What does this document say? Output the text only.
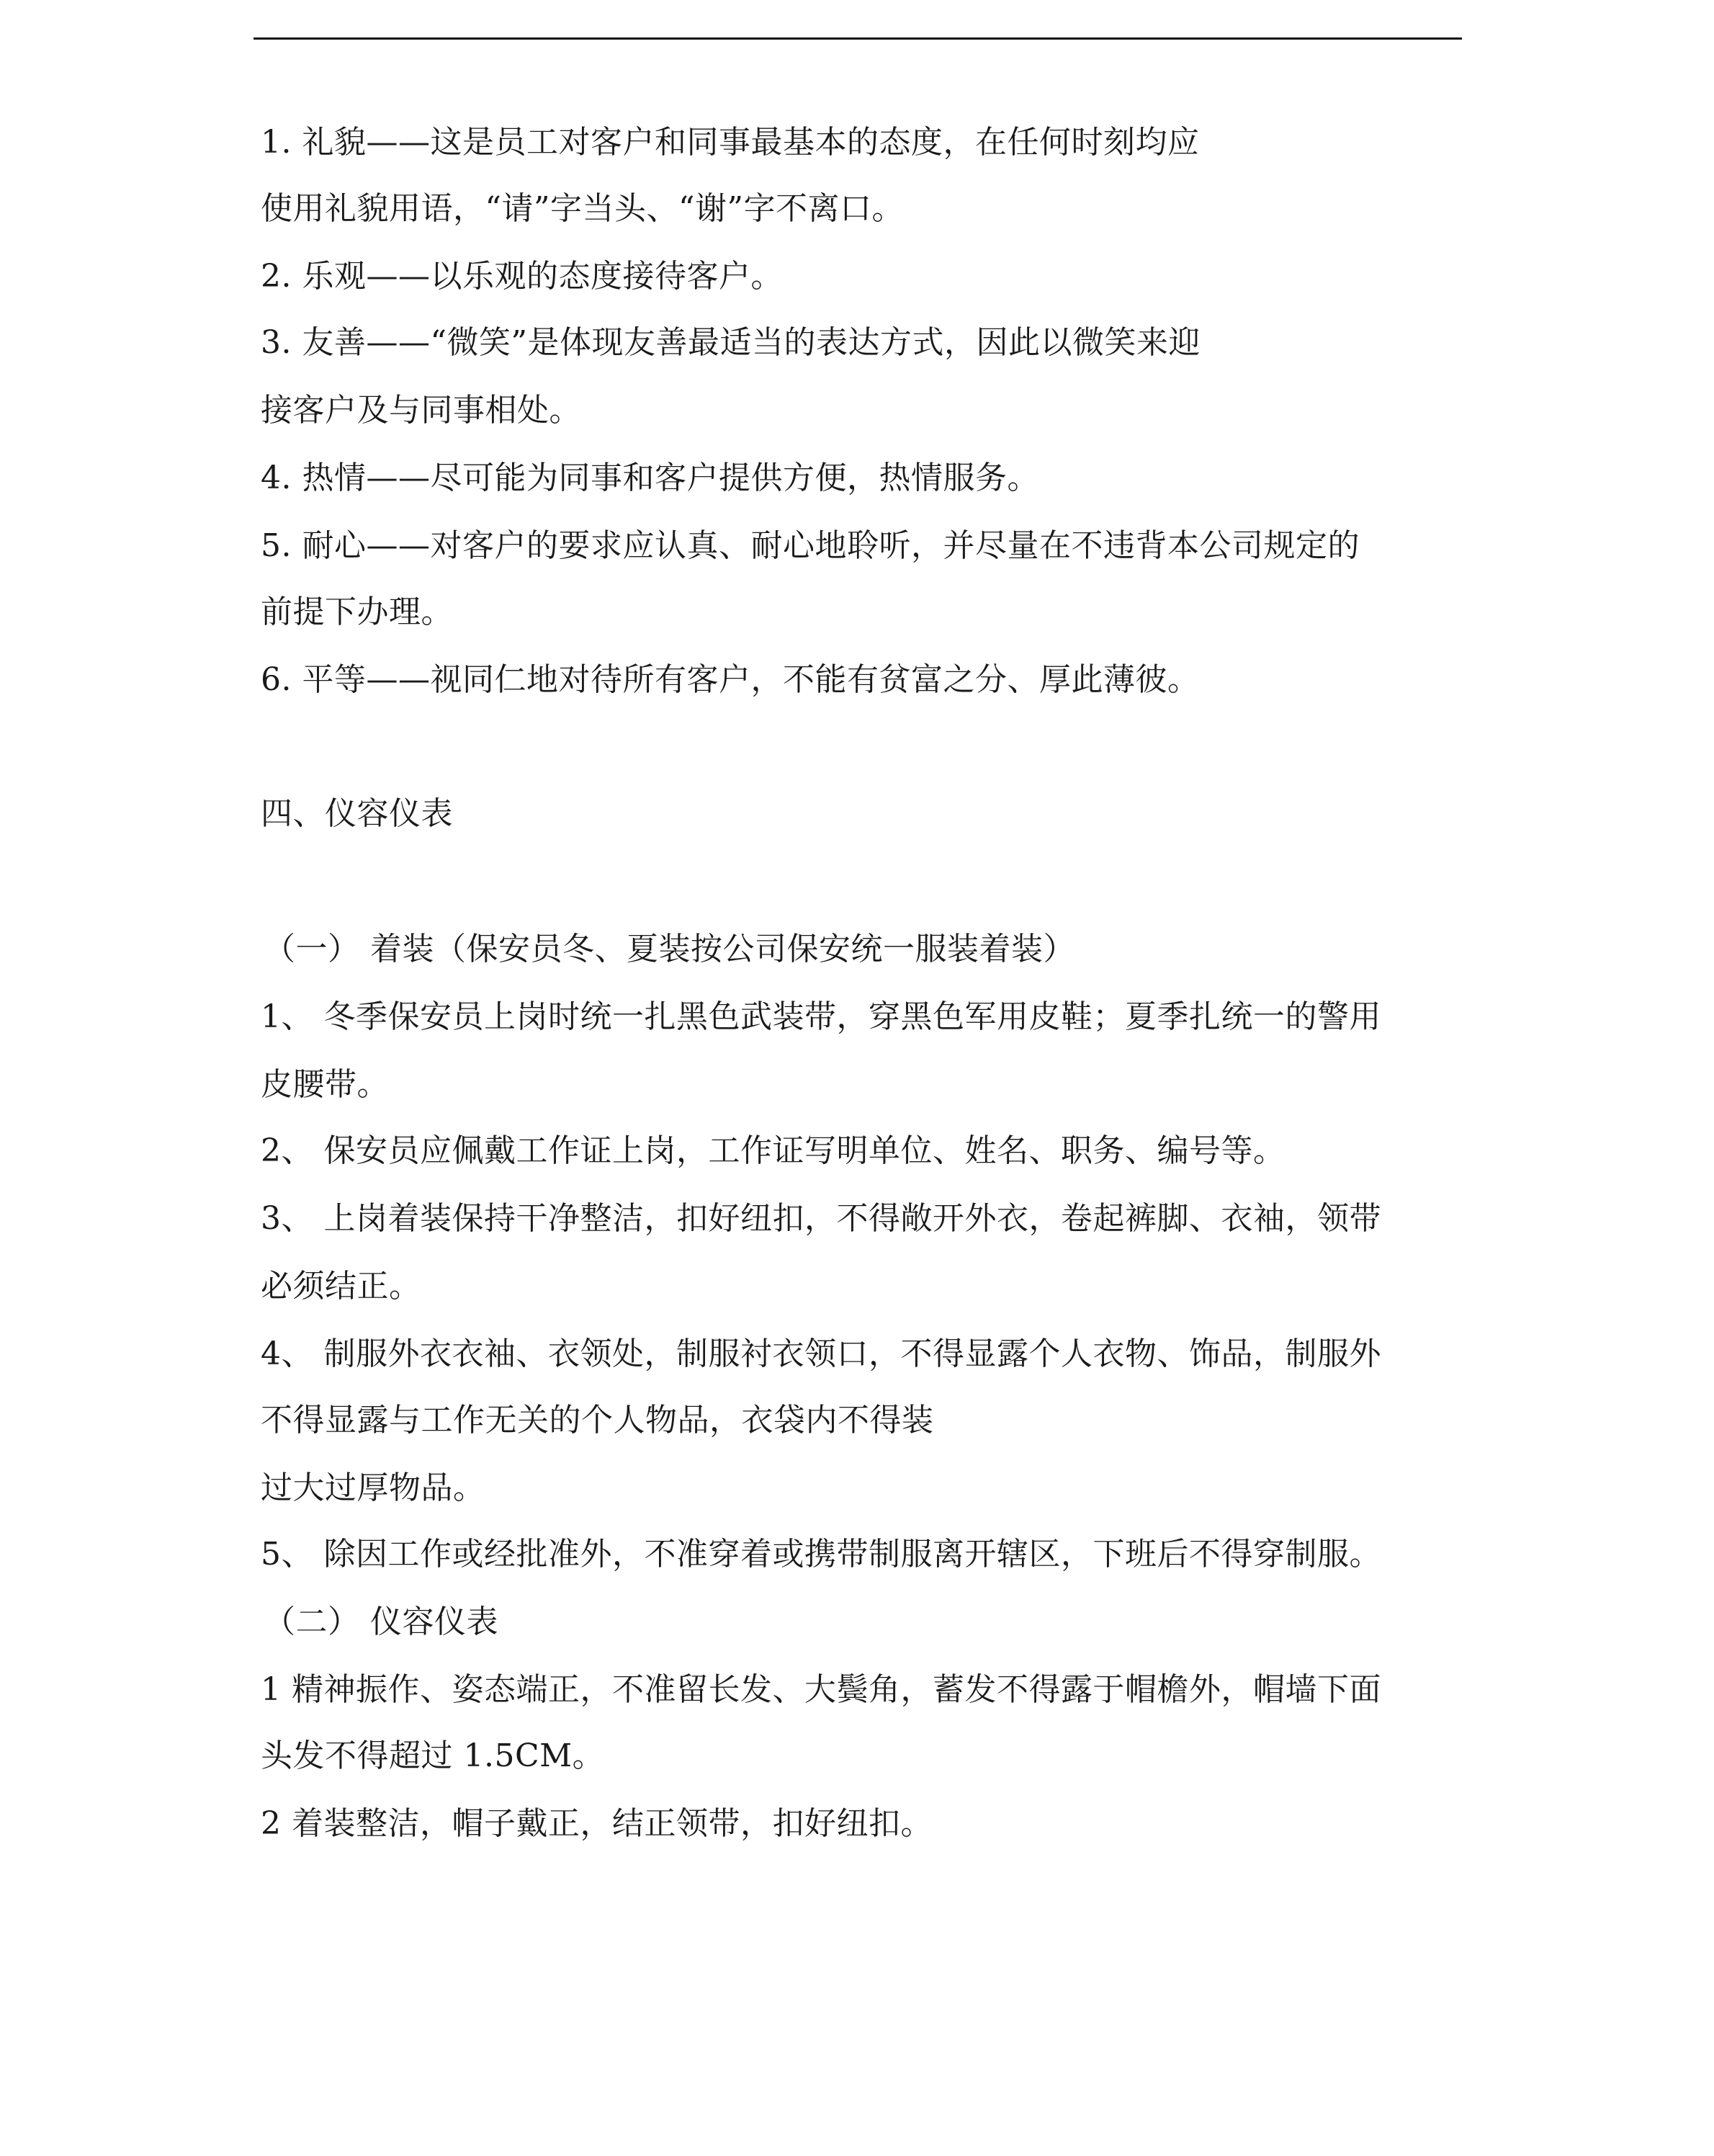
1. 礼貌——这是员工对客户和同事最基本的态度，在任何时刻均应
使用礼貌用语，“请”字当头、“谢”字不离口。
2. 乐观——以乐观的态度接待客户。
3. 友善——“微笑”是体现友善最适当的表达方式，因此以微笑来迎
接客户及与同事相处。
4. 热情——尽可能为同事和客户提供方便，热情服务。
5. 耐心——对客户的要求应认真、耐心地聆听，并尽量在不违背本公司规定的
前提下办理。
6. 平等——视同仁地对待所有客户，不能有贫富之分、厚此薄彼。
四、仪容仪表
（一） 着装（保安员冬、夏装按公司保安统一服装着装）
1、 冬季保安员上岗时统一扎黑色武装带，穿黑色军用皮鞋；夏季扎统一的警用
皮腰带。
2、 保安员应佩戴工作证上岗，工作证写明单位、姓名、职务、编号等。
3、 上岗着装保持干净整洁，扣好纽扣，不得敞开外衣，卷起裤脚、衣袖，领带
必须结正。
4、 制服外衣衣袖、衣领处，制服衬衣领口，不得显露个人衣物、饰品，制服外
不得显露与工作无关的个人物品，衣袋内不得装
过大过厚物品。
5、 除因工作或经批准外，不准穿着或携带制服离开辖区，下班后不得穿制服。
（二） 仪容仪表
1 精神振作、姿态端正，不准留长发、大鬓角，蓄发不得露于帽檐外，帽墙下面
头发不得超过 1.5CM。
2 着装整洁，帽子戴正，结正领带，扣好纽扣。
